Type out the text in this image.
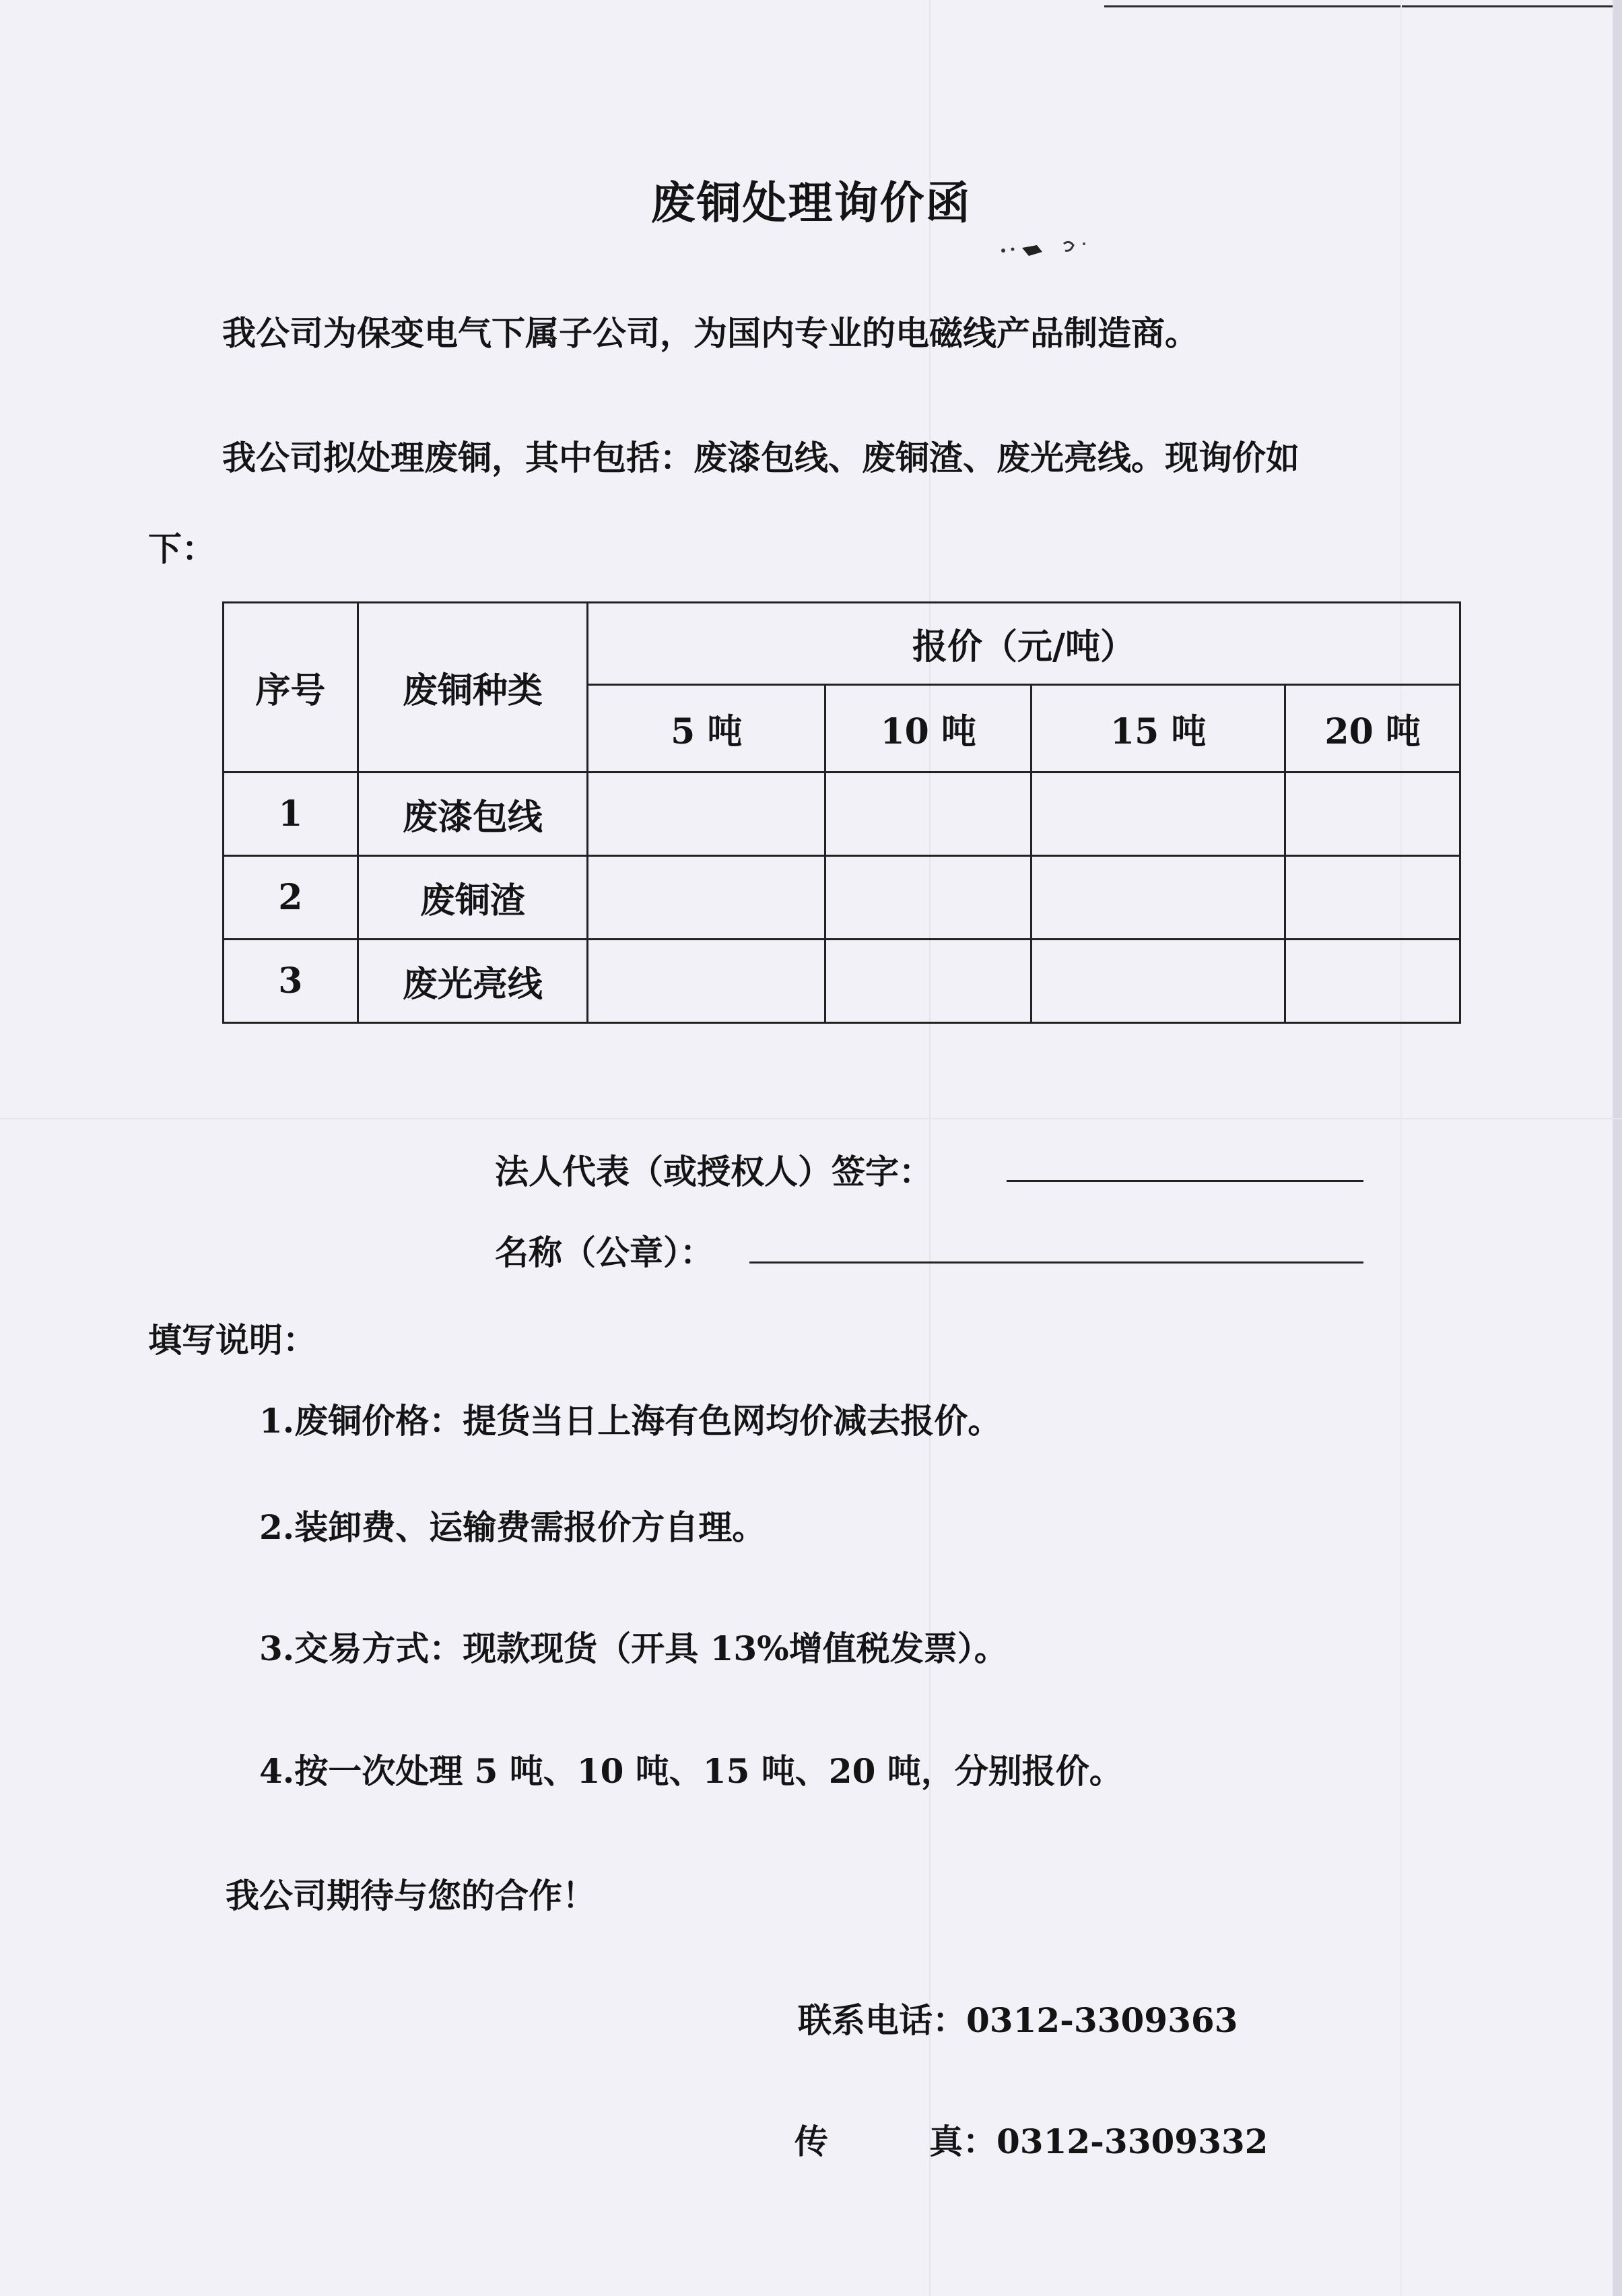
废铜处理询价函
我公司为保变电气下属子公司，为国内专业的电磁线产品制造商。
我公司拟处理废铜，其中包括：废漆包线、废铜渣、废光亮线。现询价如
下：
序号	废铜种类	报价（元/吨）			
		5 吨	10 吨	15 吨	20 吨
1	废漆包线				
2	废铜渣				
3	废光亮线				
法人代表（或授权人）签字：
名称（公章）：
填写说明：
1.废铜价格：提货当日上海有色网均价减去报价。
2.装卸费、运输费需报价方自理。
3.交易方式：现款现货（开具 13%增值税发票）。
4.按一次处理 5 吨、10 吨、15 吨、20 吨，分别报价。
我公司期待与您的合作！
联系电话：0312-3309363
传	真：0312-3309332
